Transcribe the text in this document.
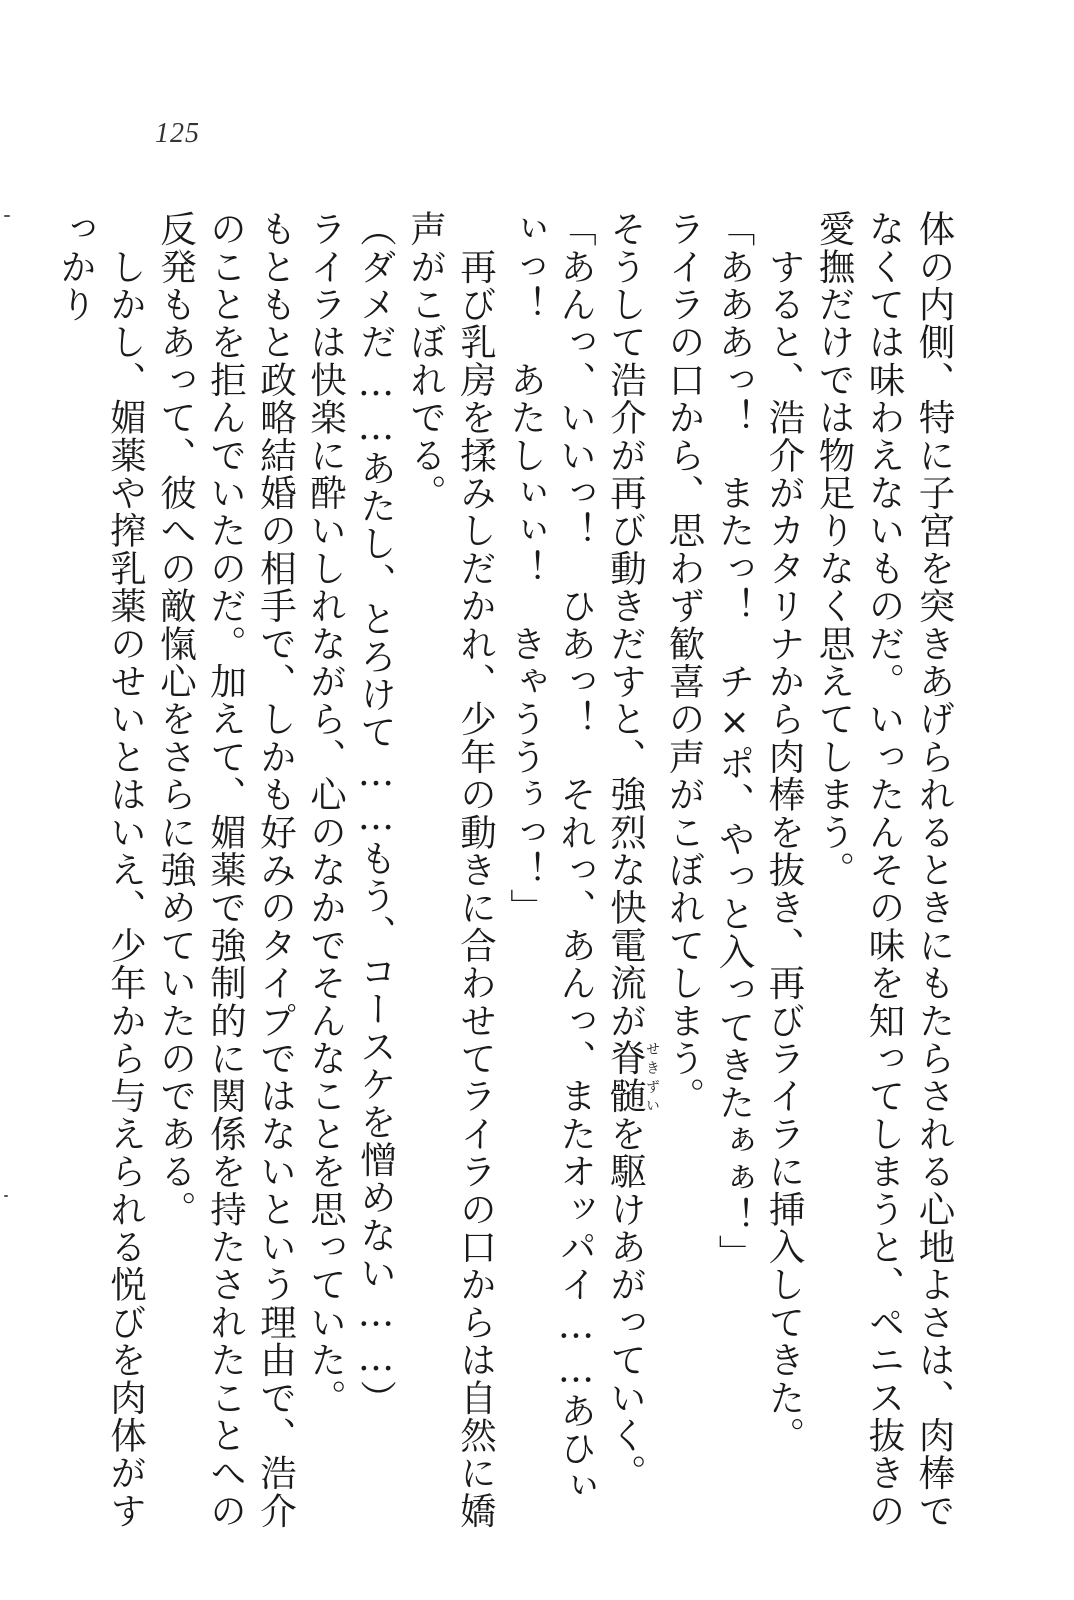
125
体の内側、特に子宮を突きあげられるときにもたらされる心地よさは、肉棒でなくては味わえないものだ。いったんその味を知ってしまうと、ペニス抜きの愛撫だけでは物足りなく思えてしまう。
すると、浩介がカタリナから肉棒を抜き、再びライラに挿入してきた。
「あああっ！　またっ！　チ×ポ、やっと入ってきたぁぁ！」
ライラの口から、思わず歓喜の声がこぼれてしまう。
そうして浩介が再び動きだすと、強烈な快電流が脊髄せきずいを駆けあがっていく。
「あんっ、いいっ！　ひあっ！　それっ、あんっ、またオッパイ……あひぃぃっ！　あたしぃぃ！　きゃううぅっ！」
再び乳房を揉みしだかれ、少年の動きに合わせてライラの口からは自然に嬌声がこぼれでる。
（ダメだ……あたし、とろけて……もう、コースケを憎めない……）
ライラは快楽に酔いしれながら、心のなかでそんなことを思っていた。
もともと政略結婚の相手で、しかも好みのタイプではないという理由で、浩介のことを拒んでいたのだ。加えて、媚薬で強制的に関係を持たされたことへの反発もあって、彼への敵愾心をさらに強めていたのである。
しかし、媚薬や搾乳薬のせいとはいえ、少年から与えられる悦びを肉体がすっかり
